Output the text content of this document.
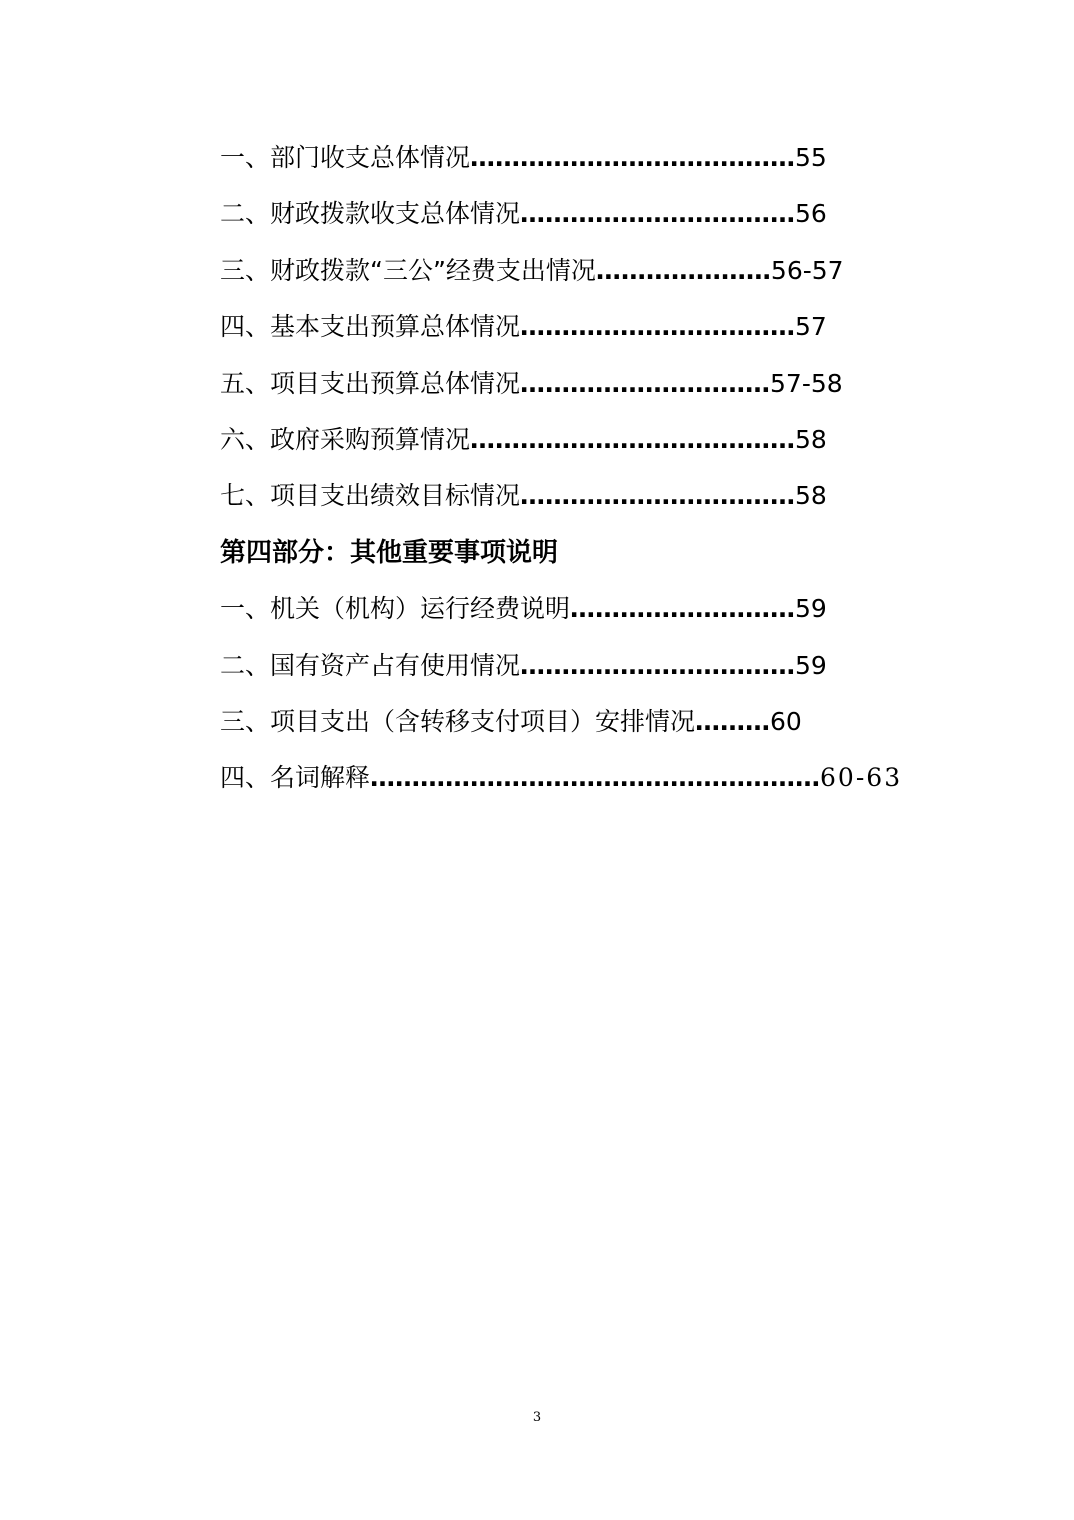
一、部门收支总体情况…………………………………55
二、财政拨款收支总体情况……………………………56
三、财政拨款“三公”经费支出情况…………………56-57
四、基本支出预算总体情况……………………………57
五、项目支出预算总体情况…………………………57-58
六、政府采购预算情况…………………………………58
七、项目支出绩效目标情况……………………………58
第四部分：其他重要事项说明
一、机关（机构）运行经费说明………………………59
二、国有资产占有使用情况……………………………59
三、项目支出（含转移支付项目）安排情况………60
四、名词解释………………………………………………60-63
3
